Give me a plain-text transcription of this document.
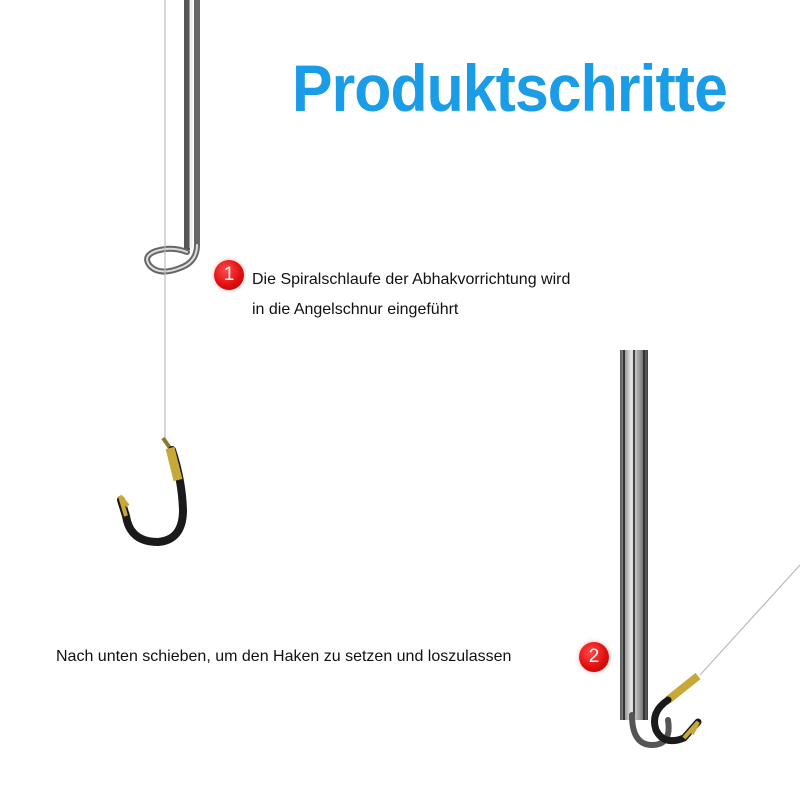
Produktschritte
1	Die Spiralschlaufe der Abhakvorrichtung wird
in die Angelschnur eingeführt
Nach unten schieben, um den Haken zu setzen und loszulassen	2
